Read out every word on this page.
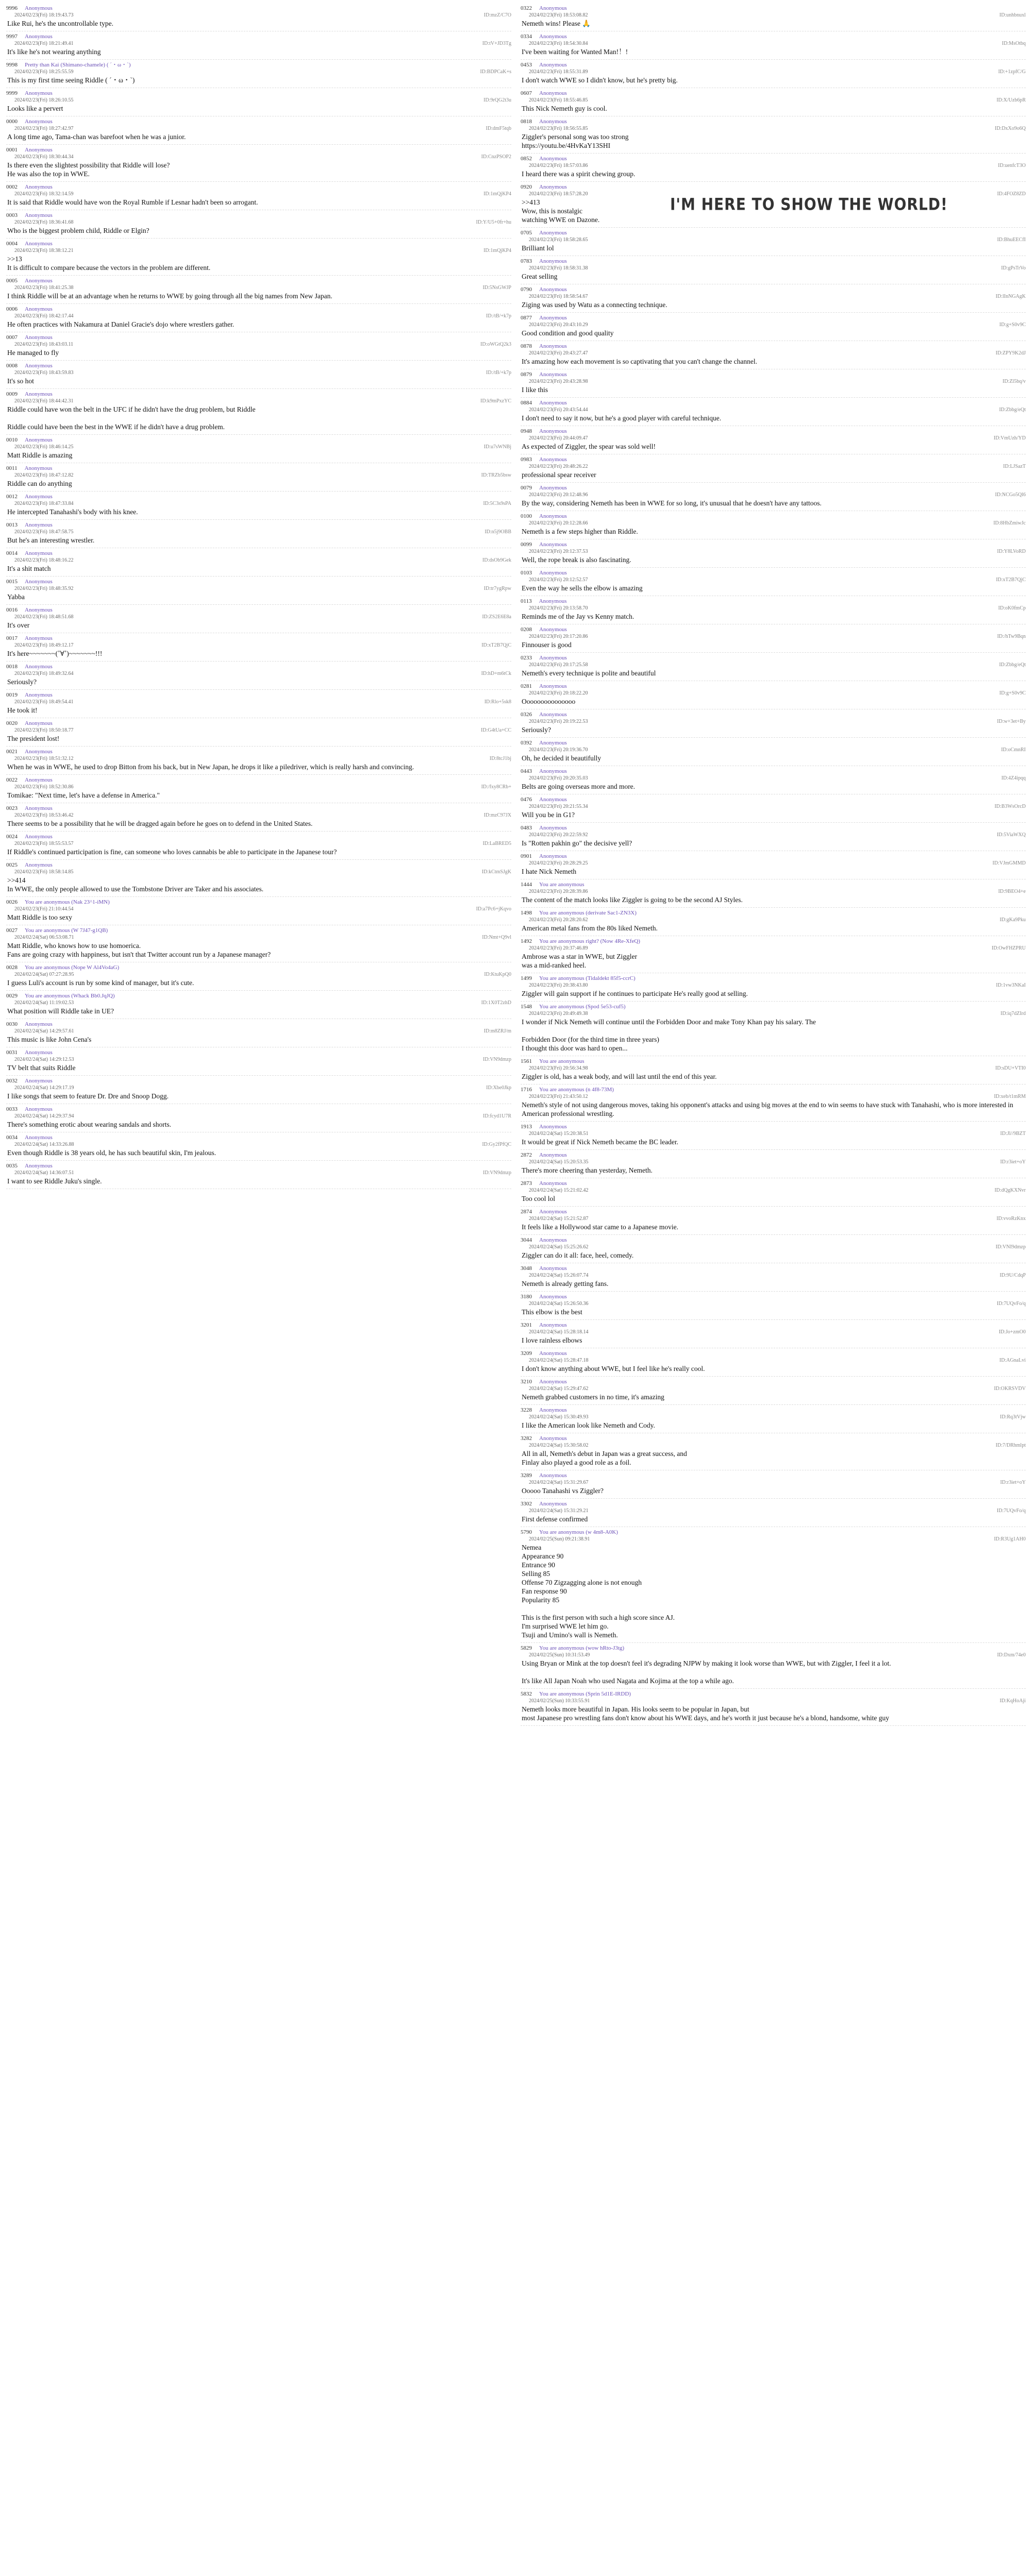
9996 Anonymous
2024/02/23(Fri) 18:19:43.73	ID:mzZ/C7O
Like Rui, he's the uncontrollable type.
9997 Anonymous
2024/02/23(Fri) 18:21:49.41	ID:tV+JD3Tg
It's like he's not wearing anything
9998 Pretty than Kai (Shimano-chamele) ( ´・ω・`)
2024/02/23(Fri) 18:25:55.59	ID:BDPCaK+s
This is my first time seeing Riddle ( ´・ω・`)
9999 Anonymous
2024/02/23(Fri) 18:26:10.55	ID:9rQG2t3u
Looks like a pervert
0000 Anonymous
2024/02/23(Fri) 18:27:42.97	ID:dmF5tqb
A long time ago, Tama-chan was barefoot when he was a junior.
0001 Anonymous
2024/02/23(Fri) 18:30:44.34	ID:CnzPSOP2
Is there even the slightest possibility that Riddle will lose?
He was also the top in WWE.
0002 Anonymous
2024/02/23(Fri) 18:32:14.59	ID:1mQjKP4
It is said that Riddle would have won the Royal Rumble if Lesnar hadn't been so arrogant.
0003 Anonymous
2024/02/23(Fri) 18:36:41.68	ID:Y/U5+0fr+hu
Who is the biggest problem child, Riddle or Elgin?
0004 Anonymous
2024/02/23(Fri) 18:38:12.21	ID:1mQjKP4
>>13
It is difficult to compare because the vectors in the problem are different.
0005 Anonymous
2024/02/23(Fri) 18:41:25.38	ID:5NsGWJP
I think Riddle will be at an advantage when he returns to WWE by going through all the big names from New Japan.
0006 Anonymous
2024/02/23(Fri) 18:42:17.44	ID:/tB/+k7p
He often practices with Nakamura at Daniel Gracie's dojo where wrestlers gather.
0007 Anonymous
2024/02/23(Fri) 18:43:03.11	ID:oWGtQ2k3
He managed to fly
0008 Anonymous
2024/02/23(Fri) 18:43:59.83	ID:/tB/+k7p
It's so hot
0009 Anonymous
2024/02/23(Fri) 18:44:42.31	ID:k9mPxzYC
Riddle could have won the belt in the UFC if he didn't have the drug problem, but Riddle

Riddle could have been the best in the WWE if he didn't have a drug problem.
0010 Anonymous
2024/02/23(Fri) 18:46:14.25	ID:u7sWNBj
Matt Riddle is amazing
0011 Anonymous
2024/02/23(Fri) 18:47:12.82	ID:TRZb5bsw
Riddle can do anything
0012 Anonymous
2024/02/23(Fri) 18:47:33.84	ID:5C3s9sPA
He intercepted Tanahashi's body with his knee.
0013 Anonymous
2024/02/23(Fri) 18:47:58.75	ID:n5j9OBB
But he's an interesting wrestler.
0014 Anonymous
2024/02/23(Fri) 18:48:16.22	ID:dsOb9Gek
It's a shit match
0015 Anonymous
2024/02/23(Fri) 18:48:35.92	ID:tr7ygRpw
Yabba
0016 Anonymous
2024/02/23(Fri) 18:48:51.68	ID:ZS2E6E8a
It's over
0017 Anonymous
2024/02/23(Fri) 18:49:12.17	ID:xT2B7QjC
It's here~~~~~~~(˚∀˚)~~~~~~~!!!
0018 Anonymous
2024/02/23(Fri) 18:49:32.64	ID:hD+m6tCk
Seriously?
0019 Anonymous
2024/02/23(Fri) 18:49:54.41	ID:Rlo+5sk8
He took it!
0020 Anonymous
2024/02/23(Fri) 18:50:18.77	ID:G4tUa+CC
The president lost!
0021 Anonymous
2024/02/23(Fri) 18:51:32.12	ID:8tcJ1bj
When he was in WWE, he used to drop Bitton from his back, but in New Japan, he drops it like a piledriver, which is really harsh and convincing.
0022 Anonymous
2024/02/23(Fri) 18:52:30.86	ID:/fxy8CRb+
Tomikae: "Next time, let's have a defense in America."
0023 Anonymous
2024/02/23(Fri) 18:53:46.42	ID:mzC97JX
There seems to be a possibility that he will be dragged again before he goes on to defend in the United States.
0024 Anonymous
2024/02/23(Fri) 18:55:53.57	ID:LaBRED5
If Riddle's continued participation is fine, can someone who loves cannabis be able to participate in the Japanese tour?
0025 Anonymous
2024/02/23(Fri) 18:58:14.85	ID:kCtmSJgK
>>414
In WWE, the only people allowed to use the Tombstone Driver are Taker and his associates.
0026 You are anonymous (Nak 23^1-iMN)
2024/02/23(Fri) 21:10:44.54	ID:a7Pc6+jKqvo
Matt Riddle is too sexy
0027 You are anonymous (W 7J47-g1QB)
2024/02/24(Sat) 06:53:08.71	ID:Nmt+Q9vl
Matt Riddle, who knows how to use homoerica.
Fans are going crazy with happiness, but isn't that Twitter account run by a Japanese manager?
0028 You are anonymous (Nope W Al4Vo4aG)
2024/02/24(Sat) 07:27:28.95	ID:KtuKpQ0
I guess Luli's account is run by some kind of manager, but it's cute.
0029 You are anonymous (Whack Bb0.JqJQ)
2024/02/24(Sat) 11:19:02.53	ID:1X0T2zhD
What position will Riddle take in UE?
0030 Anonymous
2024/02/24(Sat) 14:29:57.61	ID:m8ZRJ/m
This music is like John Cena's
0031 Anonymous
2024/02/24(Sat) 14:29:12.53	ID:VN9dmzp
TV belt that suits Riddle
0032 Anonymous
2024/02/24(Sat) 14:29:17.19	ID:Xbe0Jkp
I like songs that seem to feature Dr. Dre and Snoop Dogg.
0033 Anonymous
2024/02/24(Sat) 14:29:37.94	ID:fcyd1U7R
There's something erotic about wearing sandals and shorts.
0034 Anonymous
2024/02/24(Sat) 14:33:26.88	ID:Gy2fPfQC
Even though Riddle is 38 years old, he has such beautiful skin, I'm jealous.
0035 Anonymous
2024/02/24(Sat) 14:36:07.51	ID:VN9dmzp
I want to see Riddle Juku's single.
0322 Anonymous
2024/02/23(Fri) 18:53:08.82	ID:unhbnuxl
Nemeth wins! Please 🙏
0334 Anonymous
2024/02/23(Fri) 18:54:30.84	ID:MsOtbq
I've been waiting for Wanted Man!！!
0453 Anonymous
2024/02/23(Fri) 18:55:31.89	ID:+1zpfC/G
I don't watch WWE so I didn't know, but he's pretty big.
0607 Anonymous
2024/02/23(Fri) 18:55:46.85	ID:X/Uzb6pR
This Nick Nemeth guy is cool.
0818 Anonymous
2024/02/23(Fri) 18:56:55.85	ID:DxXo9o6Q
Ziggler's personal song was too strong
https://youtu.be/4HvKaY13SHI
0852 Anonymous
2024/02/23(Fri) 18:57:03.86	ID:uenfcT3O
I heard there was a spirit chewing group.
0920 Anonymous
2024/02/23(Fri) 18:57:28.20	ID:4FOZ8ZD
>>413
Wow, this is nostalgic
watching WWE on Dazone.
0705 Anonymous
2024/02/23(Fri) 18:58:28.65	ID:BhuEECfI
Brilliant lol
0783 Anonymous
2024/02/23(Fri) 18:58:31.38	ID:gPsTrVo
Great selling
0790 Anonymous
2024/02/23(Fri) 18:58:54.67	ID:lInNGAgK
Ziging was used by Watu as a connecting technique.
0877 Anonymous
2024/02/23(Fri) 20:43:10.29	ID:g+S0v9C
Good condition and good quality
0878 Anonymous
2024/02/23(Fri) 20:43:27.47	ID:ZPY9K2dJ
It's amazing how each movement is so captivating that you can't change the channel.
0879 Anonymous
2024/02/23(Fri) 20:43:28.98	ID:Zl5bq/v
I like this
0884 Anonymous
2024/02/23(Fri) 20:43:54.44	ID:Zbbg/eQt
I don't need to say it now, but he's a good player with careful technique.
0948 Anonymous
2024/02/23(Fri) 20:44:09.47	ID:VmUzh/YD
As expected of Ziggler, the spear was sold well!
0983 Anonymous
2024/02/23(Fri) 20:48:26.22	ID:LJSazT
professional spear receiver
0079 Anonymous
2024/02/23(Fri) 20:12:48.96	ID:NCGo5Ql6
By the way, considering Nemeth has been in WWE for so long, it's unusual that he doesn't have any tattoos.
0100 Anonymous
2024/02/23(Fri) 20:12:28.66	ID:8HbZmiwJc
Nemeth is a few steps higher than Riddle.
0099 Anonymous
2024/02/23(Fri) 20:12:37.53	ID:Y8LVoRD
Well, the rope break is also fascinating.
0103 Anonymous
2024/02/23(Fri) 20:12:52.57	ID:xT2B7QjC
Even the way he sells the elbow is amazing
0113 Anonymous
2024/02/23(Fri) 20:13:58.70	ID:oK0fmCp
Reminds me of the Jay vs Kenny match.
0208 Anonymous
2024/02/23(Fri) 20:17:20.86	ID:/hTw9Bqn
Finnouser is good
0233 Anonymous
2024/02/23(Fri) 20:17:25.58	ID:Zbbg/eQt
Nemeth's every technique is polite and beautiful
0281 Anonymous
2024/02/23(Fri) 20:18:22.20	ID:g+S0v9C
Ooooooooooooooo
0326 Anonymous
2024/02/23(Fri) 20:19:22.53	ID:w+3et+By
Seriously?
0392 Anonymous
2024/02/23(Fri) 20:19:36.70	ID:oCmnRI
Oh, he decided it beautifully
0443 Anonymous
2024/02/23(Fri) 20:20:35.03	ID:4Z4ipqq
Belts are going overseas more and more.
0476 Anonymous
2024/02/23(Fri) 20:21:55.34	ID:B3WsOrcD
Will you be in G1?
0483 Anonymous
2024/02/23(Fri) 20:22:59.92	ID:5ViaWXQ
Is "Rotten pakhin go" the decisive yell?
0901 Anonymous
2024/02/23(Fri) 20:28:29.25	ID:VJmGMMD
I hate Nick Nemeth
1444 You are anonymous
2024/02/23(Fri) 20:28:39.86	ID:9BEO4+e
The content of the match looks like Ziggler is going to be the second AJ Styles.
1498 You are anonymous (derivate Sac1-ZN3X)
2024/02/23(Fri) 20:28:20.62	ID:gKa9Pku
American metal fans from the 80s liked Nemeth.
1492 You are anonymous right? (Now 4Re-XfeQ)
2024/02/23(Fri) 20:37:46.89	ID:OwFHZPRU
Ambrose was a star in WWE, but Ziggler
was a mid-ranked heel.
1499 You are anonymous (Tidaldekt 85f5-ccrC)
2024/02/23(Fri) 20:38:43.80	ID:1vw3NKaI
Ziggler will gain support if he continues to participate He's really good at selling.
1548 You are anonymous (Spod 5e53-cuf5)
2024/02/23(Fri) 20:49:49.38	ID:iq7dZIrd
I wonder if Nick Nemeth will continue until the Forbidden Door and make Tony Khan pay his salary. The

Forbidden Door (for the third time in three years)
I thought this door was hard to open...
1561 You are anonymous
2024/02/23(Fri) 20:56:34.98	ID:sDU+VTI0
Ziggler is old, has a weak body, and will last until the end of this year.
1716 You are anonymous (n 4f8-73M)
2024/02/23(Fri) 21:43:50.12	ID:xeb/t1mRM
Nemeth's style of not using dangerous moves, taking his opponent's attacks and using big moves at the end to win seems to have stuck with Tanahashi, who is more interested in American professional wrestling.
1913 Anonymous
2024/02/24(Sat) 15:20:38.51	ID:Jl//9BZT
It would be great if Nick Nemeth became the BC leader.
2872 Anonymous
2024/02/24(Sat) 15:20:53.35	ID:r3iet+oY
There's more cheering than yesterday, Nemeth.
2873 Anonymous
2024/02/24(Sat) 15:21:02.42	ID:dQgKXNvr
Too cool lol
2874 Anonymous
2024/02/24(Sat) 15:21:52.87	ID:vvoRzKnx
It feels like a Hollywood star came to a Japanese movie.
3044 Anonymous
2024/02/24(Sat) 15:25:26.62	ID:VNI9dmzp
Ziggler can do it all: face, heel, comedy.
3048 Anonymous
2024/02/24(Sat) 15:26:07.74	ID:9U/CdqP
Nemeth is already getting fans.
3180 Anonymous
2024/02/24(Sat) 15:26:50.36	ID:7UQvFo/q
This elbow is the best
3201 Anonymous
2024/02/24(Sat) 15:28:18.14	ID:Jo+zmO0
I love rainless elbows
3209 Anonymous
2024/02/24(Sat) 15:28:47.18	ID:AGnaLvi
I don't know anything about WWE, but I feel like he's really cool.
3210 Anonymous
2024/02/24(Sat) 15:29:47.62	ID:OKRSVDV
Nemeth grabbed customers in no time, it's amazing
3228 Anonymous
2024/02/24(Sat) 15:30:49.93	ID:Rq3tVjw
I like the American look like Nemeth and Cody.
3282 Anonymous
2024/02/24(Sat) 15:30:58.02	ID:7/DRhmlpt
All in all, Nemeth's debut in Japan was a great success, and
Finlay also played a good role as a foil.
3289 Anonymous
2024/02/24(Sat) 15:31:29.67	ID:r3iet+oY
Ooooo Tanahashi vs Ziggler?
3302 Anonymous
2024/02/24(Sat) 15:31:29.21	ID:7UQvFo/q
First defense confirmed
5790 You are anonymous (w 4m8-A0K)
2024/02/25(Sun) 09:21:38.91	ID:R3Ug1AH0
Nemea
Appearance 90
Entrance 90
Selling 85
Offense 70 Zigzagging alone is not enough
Fan response 90
Popularity 85

This is the first person with such a high score since AJ.
I'm surprised WWE let him go.
Tsuji and Umino's wall is Nemeth.
5829 You are anonymous (wow hRto-J3tg)
2024/02/25(Sun) 10:31:53.49	ID:Dxm/74e0
Using Bryan or Mink at the top doesn't feel it's degrading NJPW by making it look worse than WWE, but with Ziggler, I feel it a lot.

It's like All Japan Noah who used Nagata and Kojima at the top a while ago.
5832 You are anonymous (Sprin 5d1E-IRDD)
2024/02/25(Sun) 10:33:55.91	ID:KqHoAji
Nemeth looks more beautiful in Japan. His looks seem to be popular in Japan, but
most Japanese pro wrestling fans don't know about his WWE days, and he's worth it just because he's a blond, handsome, white guy
I'M HERE TO SHOW THE WORLD!
